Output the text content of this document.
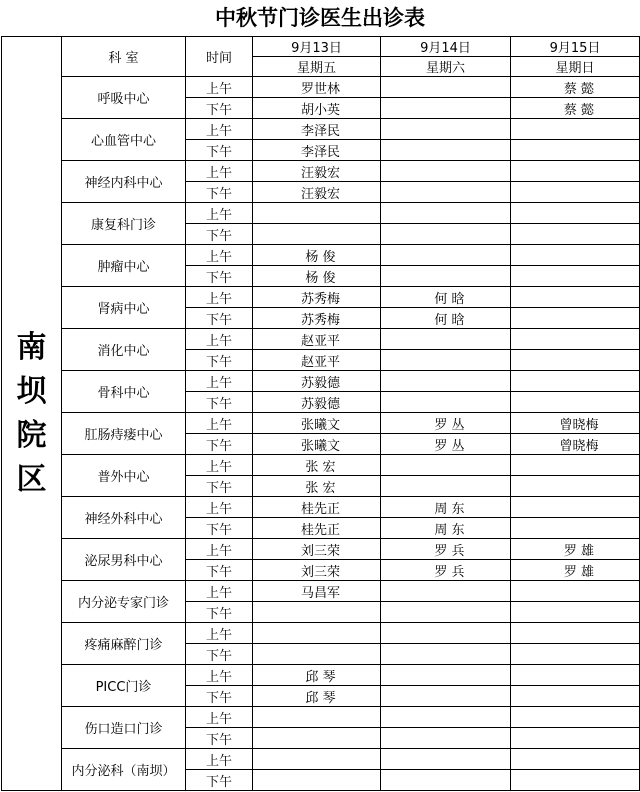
中秋节门诊医生出诊表
南
坝
院
区	科 室	时间	9月13日	9月14日	9月15日
			星期五	星期六	星期日
	呼吸中心	上午	罗世林		蔡 懿
		下午	胡小英		蔡 懿
	心血管中心	上午	李泽民		
		下午	李泽民		
	神经内科中心	上午	汪毅宏		
		下午	汪毅宏		
	康复科门诊	上午			
		下午			
	肿瘤中心	上午	杨 俊		
		下午	杨 俊		
	肾病中心	上午	苏秀梅	何 晗	
		下午	苏秀梅	何 晗	
	消化中心	上午	赵亚平		
		下午	赵亚平		
	骨科中心	上午	苏毅德		
		下午	苏毅德		
	肛肠痔瘘中心	上午	张曦文	罗 丛	曾晓梅
		下午	张曦文	罗 丛	曾晓梅
	普外中心	上午	张 宏		
		下午	张 宏		
	神经外科中心	上午	桂先正	周 东	
		下午	桂先正	周 东	
	泌尿男科中心	上午	刘三荣	罗 兵	罗 雄
		下午	刘三荣	罗 兵	罗 雄
	内分泌专家门诊	上午	马昌军		
		下午			
	疼痛麻醉门诊	上午			
		下午			
	PICC门诊	上午	邱 琴		
		下午	邱 琴		
	伤口造口门诊	上午			
		下午			
	内分泌科（南坝）	上午			
		下午			
